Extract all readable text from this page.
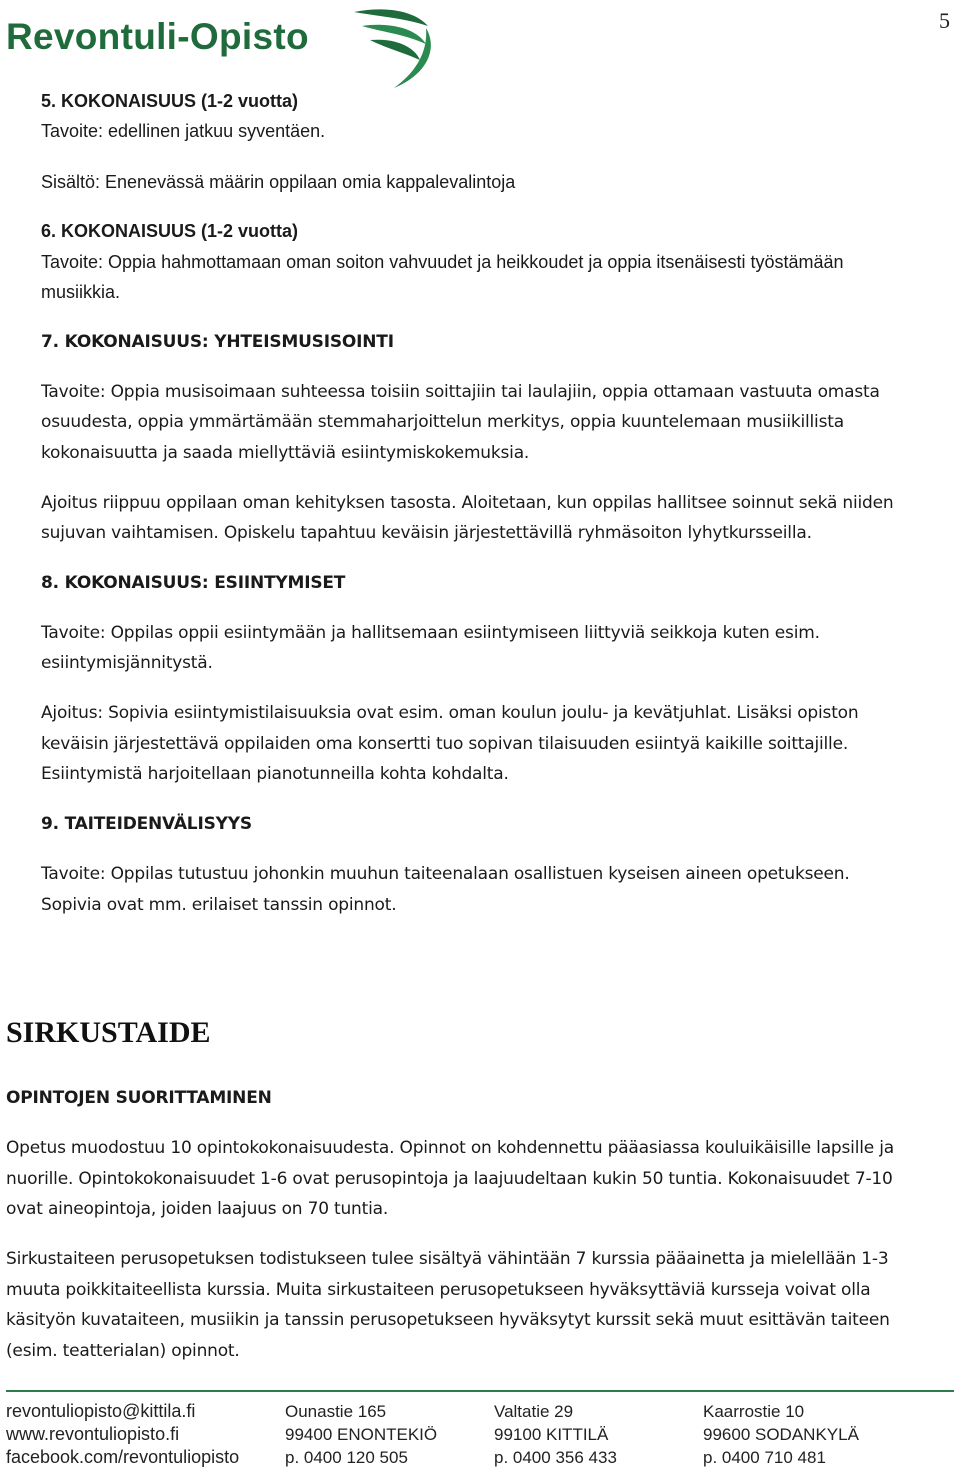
Revontuli-Opisto	5
5. KOKONAISUUS (1-2 vuotta)
Tavoite: edellinen jatkuu syventäen.
Sisältö: Enenevässä määrin oppilaan omia kappalevalintoja
6. KOKONAISUUS (1-2 vuotta)
Tavoite: Oppia hahmottamaan oman soiton vahvuudet ja heikkoudet ja oppia itsenäisesti työstämään
musiikkia.
7. KOKONAISUUS: YHTEISMUSISOINTI
Tavoite: Oppia musisoimaan suhteessa toisiin soittajiin tai laulajiin, oppia ottamaan vastuuta omasta
osuudesta, oppia ymmärtämään stemmaharjoittelun merkitys, oppia kuuntelemaan musiikillista
kokonaisuutta ja saada miellyttäviä esiintymiskokemuksia.
Ajoitus riippuu oppilaan oman kehityksen tasosta. Aloitetaan, kun oppilas hallitsee soinnut sekä niiden
sujuvan vaihtamisen. Opiskelu tapahtuu keväisin järjestettävillä ryhmäsoiton lyhytkursseilla.
8. KOKONAISUUS: ESIINTYMISET
Tavoite: Oppilas oppii esiintymään ja hallitsemaan esiintymiseen liittyviä seikkoja kuten esim.
esiintymisjännitystä.
Ajoitus: Sopivia esiintymistilaisuuksia ovat esim. oman koulun joulu- ja kevätjuhlat. Lisäksi opiston
keväisin järjestettävä oppilaiden oma konsertti tuo sopivan tilaisuuden esiintyä kaikille soittajille.
Esiintymistä harjoitellaan pianotunneilla kohta kohdalta.
9. TAITEIDENVÄLISYYS
Tavoite: Oppilas tutustuu johonkin muuhun taiteenalaan osallistuen kyseisen aineen opetukseen.
Sopivia ovat mm. erilaiset tanssin opinnot.
SIRKUSTAIDE
OPINTOJEN SUORITTAMINEN
Opetus muodostuu 10 opintokokonaisuudesta. Opinnot on kohdennettu pääasiassa kouluikäisille lapsille ja
nuorille. Opintokokonaisuudet 1-6 ovat perusopintoja ja laajuudeltaan kukin 50 tuntia. Kokonaisuudet 7-10
ovat aineopintoja, joiden laajuus on 70 tuntia.
Sirkustaiteen perusopetuksen todistukseen tulee sisältyä vähintään 7 kurssia pääainetta ja mielellään 1-3
muuta poikkitaiteellista kurssia. Muita sirkustaiteen perusopetukseen hyväksyttäviä kursseja voivat olla
käsityön kuvataiteen, musiikin ja tanssin perusopetukseen hyväksytyt kurssit sekä muut esittävän taiteen
(esim. teatterialan) opinnot.
revontuliopisto@kittila.fi
www.revontuliopisto.fi
facebook.com/revontuliopisto
Ounastie 165
99400 ENONTEKIÖ
p. 0400 120 505
Valtatie 29
99100 KITTILÄ
p. 0400 356 433
Kaarrostie 10
99600 SODANKYLÄ
p. 0400 710 481
